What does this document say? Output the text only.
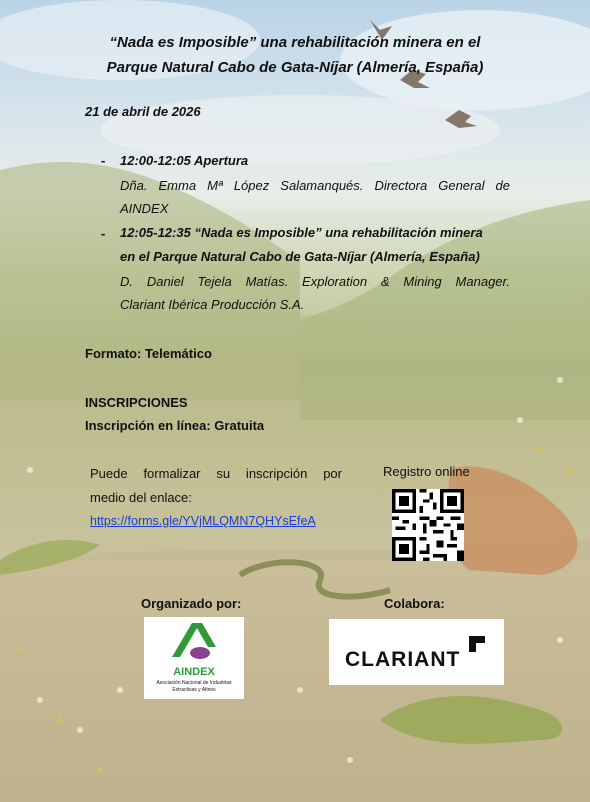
“Nada es Imposible” una rehabilitación minera en el
Parque Natural Cabo de Gata-Níjar (Almería, España)
21 de abril de 2026
- 12:00-12:05 Apertura
Dña. Emma Mª López Salamanqués. Directora General de
AINDEX
- 12:05-12:35 “Nada es Imposible” una rehabilitación minera
en el Parque Natural Cabo de Gata-Níjar (Almería, España)
D. Daniel Tejela Matías. Exploration & Mining Manager.
Clariant Ibérica Producción S.A.
Formato: Telemático
INSCRIPCIONES
Inscripción en línea: Gratuita
Puede formalizar su inscripción por
medio del enlace:
https://forms.gle/YVjMLQMN7QHYsEfeA
Registro online
Organizado por:
AINDEX
Asociación Nacional de Industrias
Extractivas y Afines
Colabora:
CLARIANT
